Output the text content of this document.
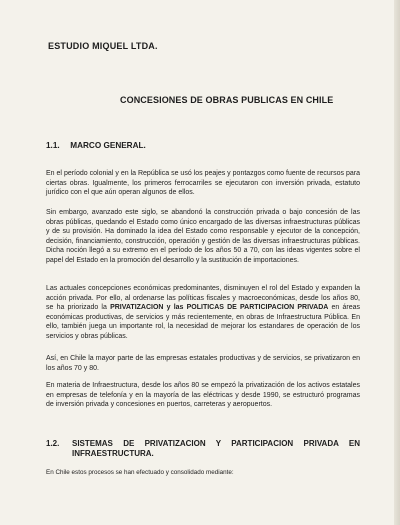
ESTUDIO MIQUEL LTDA.
CONCESIONES DE OBRAS PUBLICAS EN CHILE
1.1. MARCO GENERAL.

En el período colonial y en la República se usó los peajes y pontazgos como fuente de recursos para ciertas obras. Igualmente, los primeros ferrocarriles se ejecutaron con inversión privada, estatuto jurídico con el que aún operan algunos de ellos.

Sin embargo, avanzado este siglo, se abandonó la construcción privada o bajo concesión de las obras públicas, quedando el Estado como único encargado de las diversas infraestructuras públicas y de su provisión. Ha dominado la idea del Estado como responsable y ejecutor de la concepción, decisión, financiamiento, construcción, operación y gestión de las diversas infraestructuras públicas. Dicha noción llegó a su extremo en el período de los años 50 a 70, con las ideas vigentes sobre el papel del Estado en la promoción del desarrollo y la sustitución de importaciones.

Las actuales concepciones económicas predominantes, disminuyen el rol del Estado y expanden la acción privada. Por ello, al ordenarse las políticas fiscales y macroeconómicas, desde los años 80, se ha priorizado la PRIVATIZACION y las POLITICAS DE PARTICIPACION PRIVADA en áreas económicas productivas, de servicios y más recientemente, en obras de Infraestructura Pública. En ello, también juega un importante rol, la necesidad de mejorar los estandares de operación de los servicios y obras públicas.

Así, en Chile la mayor parte de las empresas estatales productivas y de servicios, se privatizaron en los años 70 y 80.

En materia de Infraestructura, desde los años 80 se empezó la privatización de los activos estatales en empresas de telefonía y en la mayoría de las eléctricas y desde 1990, se estructuró programas de inversión privada y concesiones en puertos, carreteras y aeropuertos.

1.2. SISTEMAS DE PRIVATIZACION Y PARTICIPACION PRIVADA EN INFRAESTRUCTURA.
En Chile estos procesos se han efectuado y consolidado mediante:
